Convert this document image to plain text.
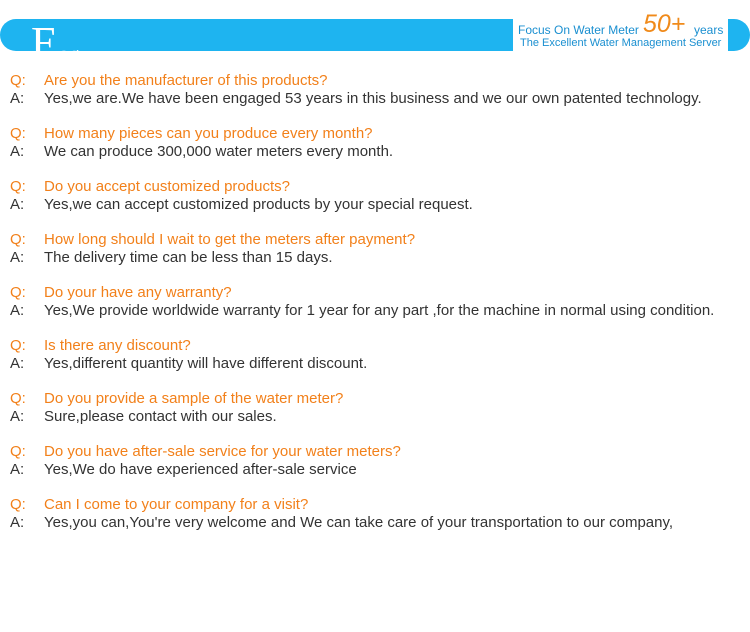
F aq
Focus On Water Meter 50+ years
The Excellent Water Management Server
Q:	Are you the manufacturer of this products?
A:	Yes,we are.We have been engaged 53 years in this business and we our own patented technology.
Q:	How many pieces can you produce every month?
A:	We can produce 300,000 water meters every month.
Q:	Do you accept customized products?
A:	Yes,we can accept customized products by your special request.
Q:	How long should I wait to get the meters after payment?
A:	The delivery time can be less than 15 days.
Q:	Do your have any warranty?
A:	Yes,We provide worldwide warranty for 1 year for any part ,for the machine in normal using condition.
Q:	Is there any discount?
A:	Yes,different quantity will have different discount.
Q:	Do you provide a sample of the water meter?
A:	Sure,please contact with our sales.
Q:	Do you have after-sale service for your water meters?
A:	Yes,We do have experienced after-sale service
Q:	Can I come to your company for a visit?
A:	Yes,you can,You're very welcome and We can take care of your transportation to our company,
